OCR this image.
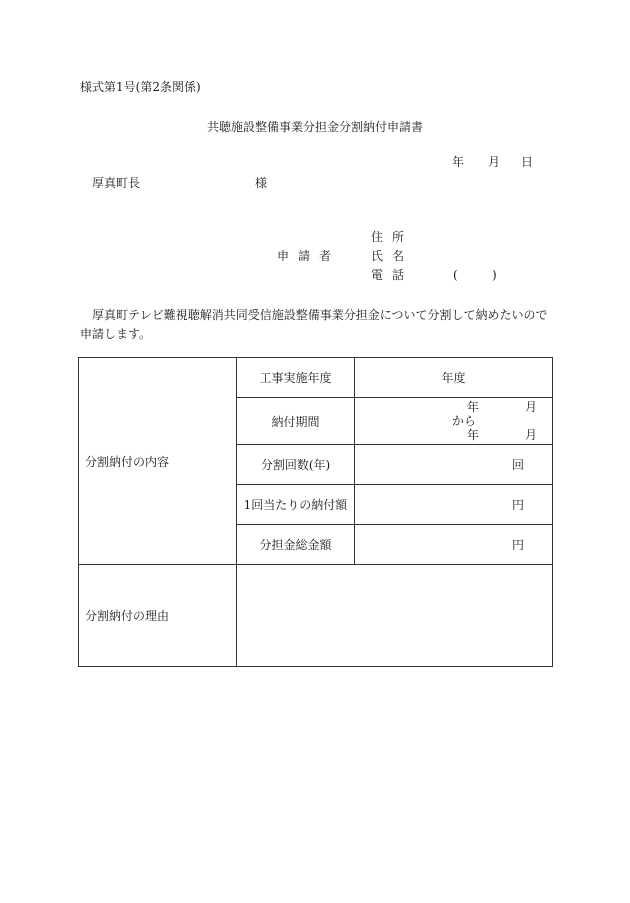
様式第1号(第2条関係)
共聴施設整備事業分担金分割納付申請書
年 月 日
厚真町長	様
申請者
住所
氏名
電話	(	)
厚真町テレビ難視聴解消共同受信施設整備事業分担金について分割して納めたいので申請します。
分割納付の内容	工事実施年度	年度
	納付期間	年 月
から
年 月

	分割回数(年)	回
	1回当たりの納付額	円
	分担金総金額	円
分割納付の理由		
